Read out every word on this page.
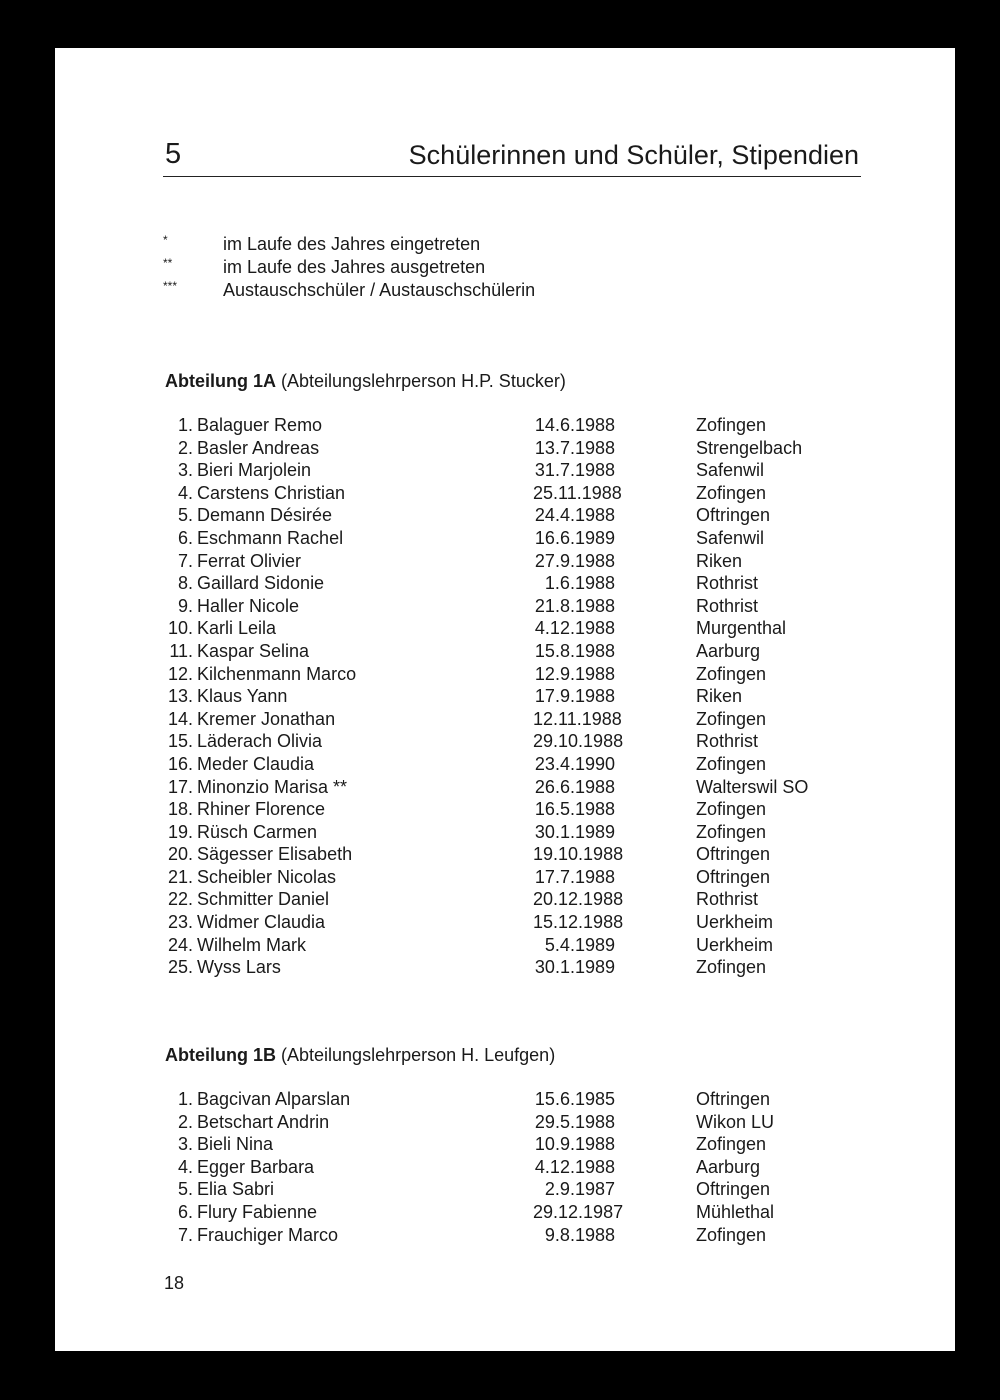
5	Schülerinnen und Schüler, Stipendien
*	im Laufe des Jahres eingetreten
**	im Laufe des Jahres ausgetreten
***	Austauschschüler / Austauschschülerin
Abteilung 1A (Abteilungslehrperson H.P. Stucker)
1. Balaguer Remo	14.6.1988	Zofingen
2. Basler Andreas	13.7.1988	Strengelbach
3. Bieri Marjolein	31.7.1988	Safenwil
4. Carstens Christian	25.11.1988	Zofingen
5. Demann Désirée	24.4.1988	Oftringen
6. Eschmann Rachel	16.6.1989	Safenwil
7. Ferrat Olivier	27.9.1988	Riken
8. Gaillard Sidonie	1.6.1988	Rothrist
9. Haller Nicole	21.8.1988	Rothrist
10. Karli Leila	4.12.1988	Murgenthal
11. Kaspar Selina	15.8.1988	Aarburg
12. Kilchenmann Marco	12.9.1988	Zofingen
13. Klaus Yann	17.9.1988	Riken
14. Kremer Jonathan	12.11.1988	Zofingen
15. Läderach Olivia	29.10.1988	Rothrist
16. Meder Claudia	23.4.1990	Zofingen
17. Minonzio Marisa **	26.6.1988	Walterswil SO
18. Rhiner Florence	16.5.1988	Zofingen
19. Rüsch Carmen	30.1.1989	Zofingen
20. Sägesser Elisabeth	19.10.1988	Oftringen
21. Scheibler Nicolas	17.7.1988	Oftringen
22. Schmitter Daniel	20.12.1988	Rothrist
23. Widmer Claudia	15.12.1988	Uerkheim
24. Wilhelm Mark	5.4.1989	Uerkheim
25. Wyss Lars	30.1.1989	Zofingen
Abteilung 1B (Abteilungslehrperson H. Leufgen)
1. Bagcivan Alparslan	15.6.1985	Oftringen
2. Betschart Andrin	29.5.1988	Wikon LU
3. Bieli Nina	10.9.1988	Zofingen
4. Egger Barbara	4.12.1988	Aarburg
5. Elia Sabri	2.9.1987	Oftringen
6. Flury Fabienne	29.12.1987	Mühlethal
7. Frauchiger Marco	9.8.1988	Zofingen
18
